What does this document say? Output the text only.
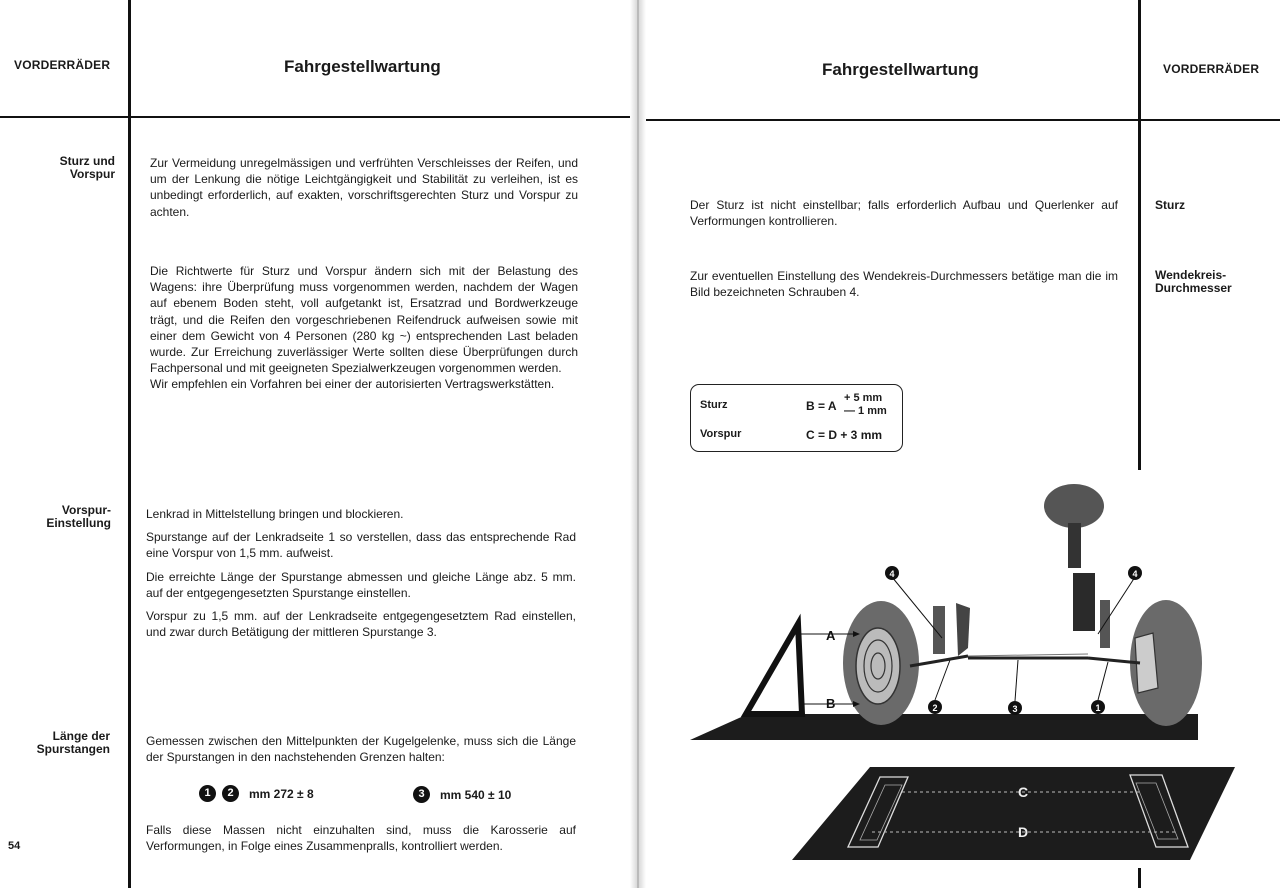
VORDERRÄDER	Fahrgestellwartung
Sturz und Vorspur

Zur Vermeidung unregelmässigen und verfrühten Verschleisses der Reifen, und um der Lenkung die nötige Leichtgängigkeit und Stabilität zu verleihen, ist es unbedingt erforderlich, auf exakten, vorschriftsgerechten Sturz und Vorspur zu achten.

Die Richtwerte für Sturz und Vorspur ändern sich mit der Belastung des Wagens: ihre Überprüfung muss vorgenommen werden, nachdem der Wagen auf ebenem Boden steht, voll aufgetankt ist, Ersatzrad und Bordwerkzeuge trägt, und die Reifen den vorgeschriebenen Reifendruck aufweisen sowie mit einer dem Gewicht von 4 Personen (280 kg ~) entsprechenden Last beladen wurde. Zur Erreichung zuverlässiger Werte sollten diese Überprüfungen durch Fachpersonal und mit geeigneten Spezialwerkzeugen vorgenommen werden.

Wir empfehlen ein Vorfahren bei einer der autorisierten Vertragswerkstätten.

Vorspur-Einstellung

Lenkrad in Mittelstellung bringen und blockieren.

Spurstange auf der Lenkradseite 1 so verstellen, dass das entsprechende Rad eine Vorspur von 1,5 mm. aufweist.

Die erreichte Länge der Spurstange abmessen und gleiche Länge abz. 5 mm. auf der entgegengesetzten Spurstange einstellen.

Vorspur zu 1,5 mm. auf der Lenkradseite entgegengesetztem Rad einstellen, und zwar durch Betätigung der mittleren Spurstange 3.

Länge der Spurstangen
Gemessen zwischen den Mittelpunkten der Kugelgelenke, muss sich die Länge der Spurstangen in den nachstehenden Grenzen halten:
1	2	mm 272 ± 8	3	mm 540 ± 10
Falls diese Massen nicht einzuhalten sind, muss die Karosserie auf Verformungen, in Folge eines Zusammenpralls, kontrolliert werden.
54
Fahrgestellwartung	VORDERRÄDER
Der Sturz ist nicht einstellbar; falls erforderlich Aufbau und Querlenker auf Verformungen kontrollieren.
Sturz
Zur eventuellen Einstellung des Wendekreis-Durchmessers betätige man die im Bild bezeichneten Schrauben 4.
Wendekreis-Durchmesser
Sturz	B = A
+ 5 mm
— 1 mm
Vorspur	C = D + 3 mm
A
B
4	4
2	3	1
C
D
